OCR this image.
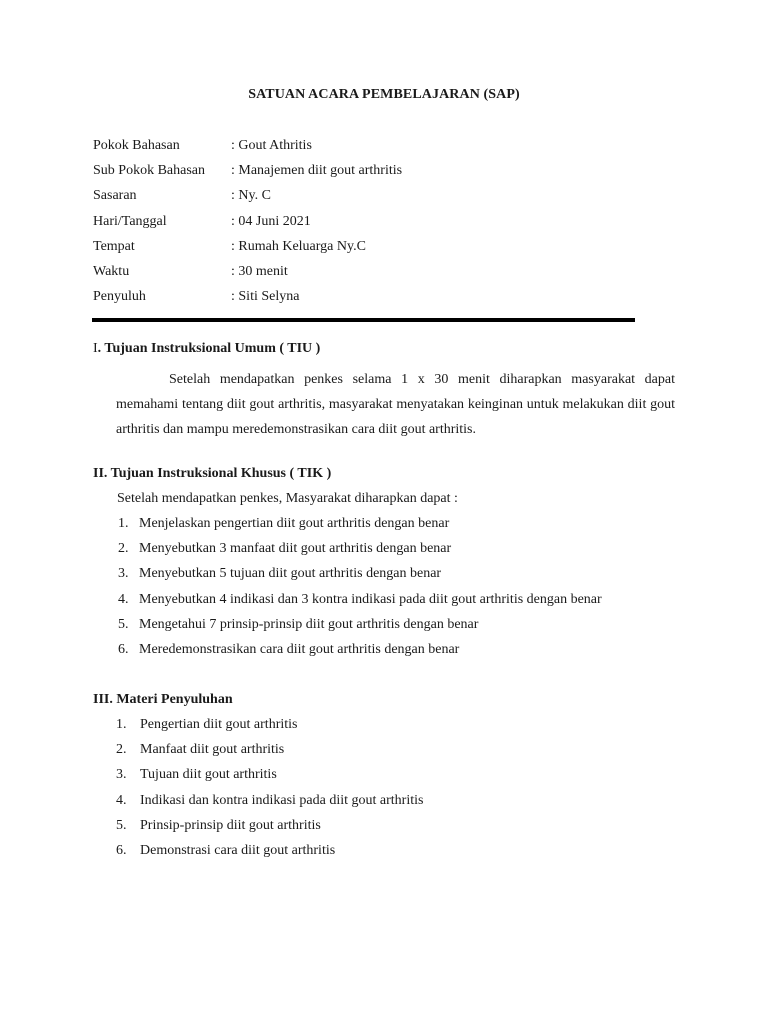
SATUAN ACARA PEMBELAJARAN (SAP)
Pokok Bahasan	: Gout Athritis
Sub Pokok Bahasan : Manajemen diit gout arthritis
Sasaran	: Ny. C
Hari/Tanggal	: 04 Juni 2021
Tempat	: Rumah Keluarga Ny.C
Waktu	: 30 menit
Penyuluh	: Siti Selyna
I. Tujuan Instruksional Umum ( TIU )
Setelah mendapatkan penkes selama 1 x 30 menit diharapkan masyarakat dapat
memahami tentang diit gout arthritis, masyarakat menyatakan keinginan untuk melakukan diit gout arthritis dan mampu meredemonstrasikan cara diit gout arthritis.
II. Tujuan Instruksional Khusus ( TIK )
Setelah mendapatkan penkes, Masyarakat diharapkan dapat :
1. Menjelaskan pengertian diit gout arthritis dengan benar
2. Menyebutkan 3 manfaat diit gout arthritis dengan benar
3. Menyebutkan 5 tujuan diit gout arthritis dengan benar
4. Menyebutkan 4 indikasi dan 3 kontra indikasi pada diit gout arthritis dengan benar
5. Mengetahui 7 prinsip-prinsip diit gout arthritis dengan benar
6. Meredemonstrasikan cara diit gout arthritis dengan benar
III. Materi Penyuluhan
1. Pengertian diit gout arthritis
2. Manfaat diit gout arthritis
3. Tujuan diit gout arthritis
4. Indikasi dan kontra indikasi pada diit gout arthritis
5. Prinsip-prinsip diit gout arthritis
6. Demonstrasi cara diit gout arthritis
